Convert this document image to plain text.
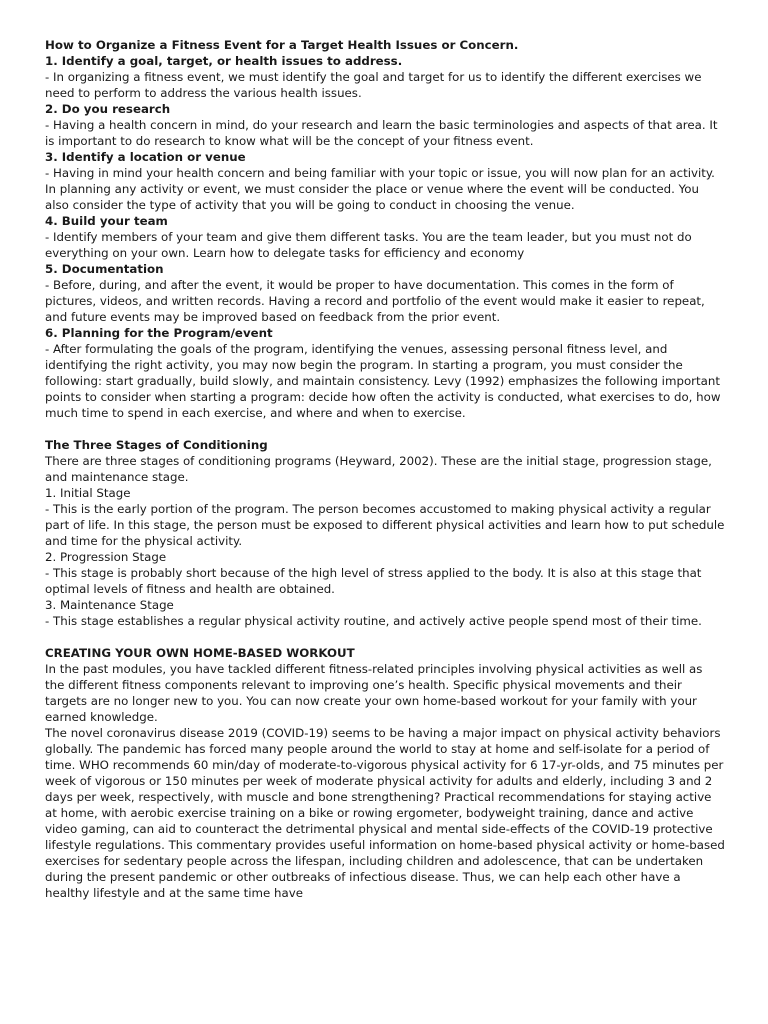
How to Organize a Fitness Event for a Target Health Issues or Concern.

1. Identify a goal, target, or health issues to address.

- In organizing a fitness event, we must identify the goal and target for us to identify the different exercises we need to perform to address the various health issues.

2. Do you research

- Having a health concern in mind, do your research and learn the basic terminologies and aspects of that area. It is important to do research to know what will be the concept of your fitness event.

3. Identify a location or venue

- Having in mind your health concern and being familiar with your topic or issue, you will now plan for an activity. In planning any activity or event, we must consider the place or venue where the event will be conducted. You also consider the type of activity that you will be going to conduct in choosing the venue.

4. Build your team

- Identify members of your team and give them different tasks. You are the team leader, but you must not do everything on your own. Learn how to delegate tasks for efficiency and economy

5. Documentation

- Before, during, and after the event, it would be proper to have documentation. This comes in the form of pictures, videos, and written records. Having a record and portfolio of the event would make it easier to repeat, and future events may be improved based on feedback from the prior event.

6. Planning for the Program/event

- After formulating the goals of the program, identifying the venues, assessing personal fitness level, and identifying the right activity, you may now begin the program. In starting a program, you must consider the following: start gradually, build slowly, and maintain consistency. Levy (1992) emphasizes the following important points to consider when starting a program: decide how often the activity is conducted, what exercises to do, how much time to spend in each exercise, and where and when to exercise.

The Three Stages of Conditioning

There are three stages of conditioning programs (Heyward, 2002). These are the initial stage, progression stage, and maintenance stage.

1. Initial Stage

- This is the early portion of the program. The person becomes accustomed to making physical activity a regular part of life. In this stage, the person must be exposed to different physical activities and learn how to put schedule and time for the physical activity.

2. Progression Stage

- This stage is probably short because of the high level of stress applied to the body. It is also at this stage that optimal levels of fitness and health are obtained.

3. Maintenance Stage

- This stage establishes a regular physical activity routine, and actively active people spend most of their time.

CREATING YOUR OWN HOME-BASED WORKOUT

In the past modules, you have tackled different fitness-related principles involving physical activities as well as the different fitness components relevant to improving one’s health. Specific physical movements and their targets are no longer new to you. You can now create your own home-based workout for your family with your earned knowledge.

The novel coronavirus disease 2019 (COVID-19) seems to be having a major impact on physical activity behaviors globally. The pandemic has forced many people around the world to stay at home and self-isolate for a period of time. WHO recommends 60 min/day of moderate-to-vigorous physical activity for 6 17-yr-olds, and 75 minutes per week of vigorous or 150 minutes per week of moderate physical activity for adults and elderly, including 3 and 2 days per week, respectively, with muscle and bone strengthening? Practical recommendations for staying active at home, with aerobic exercise training on a bike or rowing ergometer, bodyweight training, dance and active video gaming, can aid to counteract the detrimental physical and mental side-effects of the COVID-19 protective lifestyle regulations. This commentary provides useful information on home-based physical activity or home-based exercises for sedentary people across the lifespan, including children and adolescence, that can be undertaken during the present pandemic or other outbreaks of infectious disease. Thus, we can help each other have a healthy lifestyle and at the same time have
